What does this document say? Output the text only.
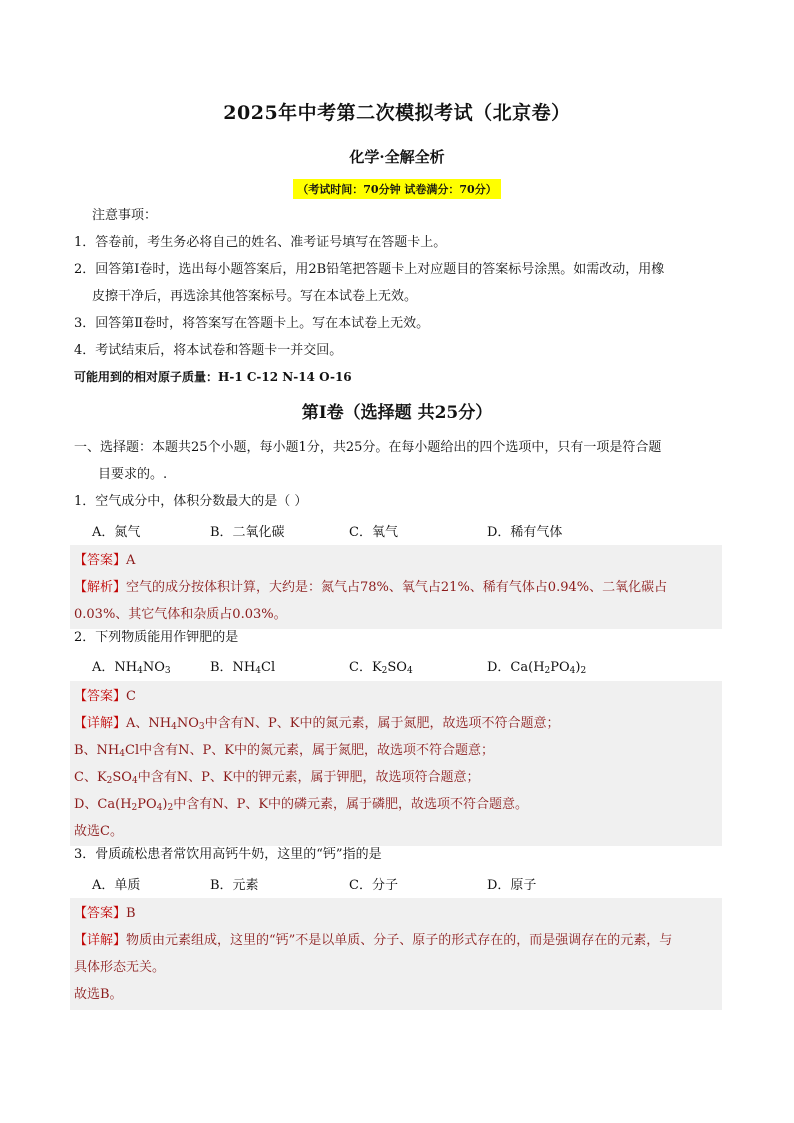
2025年中考第二次模拟考试（北京卷）
化学·全解全析
（考试时间：70分钟 试卷满分：70分）
注意事项：
1．答卷前，考生务必将自己的姓名、准考证号填写在答题卡上。
2．回答第Ⅰ卷时，选出每小题答案后，用2B铅笔把答题卡上对应题目的答案标号涂黑。如需改动，用橡
皮擦干净后，再选涂其他答案标号。写在本试卷上无效。
3．回答第Ⅱ卷时，将答案写在答题卡上。写在本试卷上无效。
4．考试结束后，将本试卷和答题卡一并交回。
可能用到的相对原子质量：H-1 C-12 N-14 O-16
第Ⅰ卷（选择题 共25分）
一、选择题：本题共25个小题，每小题1分，共25分。在每小题给出的四个选项中，只有一项是符合题
目要求的。.
1．空气成分中，体积分数最大的是（ ）
A．氮气	B．二氧化碳	C．氧气	D．稀有气体
【答案】A
【解析】空气的成分按体积计算，大约是：氮气占78%、氧气占21%、稀有气体占0.94%、二氧化碳占
0.03%、其它气体和杂质占0.03%。
2．下列物质能用作钾肥的是
A．$NH_4NO_3$	B．$NH_4Cl$	C．$K_2SO_4$	D．$Ca(H_2PO_4)_2$
【答案】C
【详解】A、$NH_4NO_3$中含有N、P、K中的氮元素，属于氮肥，故选项不符合题意；
B、$NH_4Cl$中含有N、P、K中的氮元素，属于氮肥，故选项不符合题意；
C、$K_2SO_4$中含有N、P、K中的钾元素，属于钾肥，故选项符合题意；
D、$Ca(H_2PO_4)_2$中含有N、P、K中的磷元素，属于磷肥，故选项不符合题意。
故选C。
3．骨质疏松患者常饮用高钙牛奶，这里的“钙”指的是
A．单质	B．元素	C．分子	D．原子
【答案】B
【详解】物质由元素组成，这里的“钙”不是以单质、分子、原子的形式存在的，而是强调存在的元素，与
具体形态无关。
故选B。
